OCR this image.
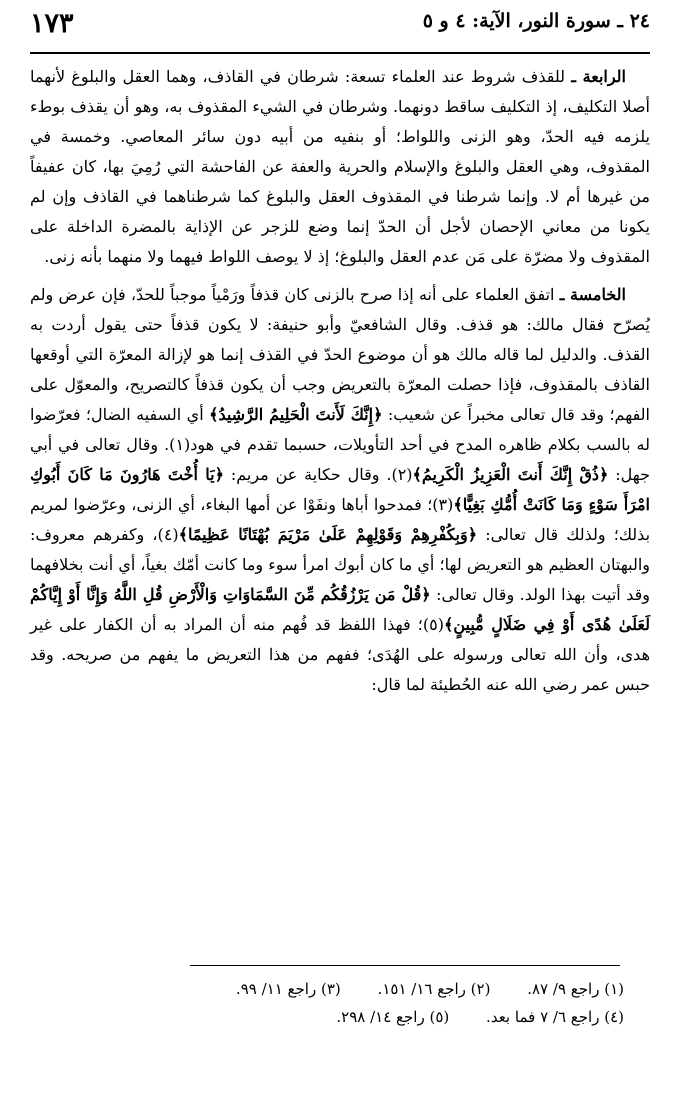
١٧٣	٢٤ ـ سورة النور، الآية: ٤ و ٥

الرابعة ـ للقذف شروط عند العلماء تسعة: شرطان في القاذف، وهما العقل والبلوغ لأنهما أصلا التكليف، إذ التكليف ساقط دونهما. وشرطان في الشيء المقذوف به، وهو أن يقذف بوطء يلزمه فيه الحدّ، وهو الزنى واللواط؛ أو بنفيه من أبيه دون سائر المعاصي. وخمسة في المقذوف، وهي العقل والبلوغ والإسلام والحرية والعفة عن الفاحشة التي رُمِيَ بها، كان عفيفاً من غيرها أم لا. وإنما شرطنا في المقذوف العقل والبلوغ كما شرطناهما في القاذف وإن لم يكونا من معاني الإحصان لأجل أن الحدّ إنما وضع للزجر عن الإذاية بالمضرة الداخلة على المقذوف ولا مضرّة على مَن عدم العقل والبلوغ؛ إذ لا يوصف اللواط فيهما ولا منهما بأنه زنى.

الخامسة ـ اتفق العلماء على أنه إذا صرح بالزنى كان قذفاً ورَمْياً موجباً للحدّ، فإن عرض ولم يُصرّح فقال مالك: هو قذف. وقال الشافعيّ وأبو حنيفة: لا يكون قذفاً حتى يقول أردت به القذف. والدليل لما قاله مالك هو أن موضوع الحدّ في القذف إنما هو لإزالة المعرّة التي أوقعها القاذف بالمقذوف، فإذا حصلت المعرّة بالتعريض وجب أن يكون قذفاً كالتصريح، والمعوّل على الفهم؛ وقد قال تعالى مخبراً عن شعيب: ﴿إِنَّكَ لَأَنتَ الْحَلِيمُ الرَّشِيدُ﴾ أي السفيه الضال؛ فعرّضوا له بالسب بكلام ظاهره المدح في أحد التأويلات، حسبما تقدم في هود(١). وقال تعالى في أبي جهل: ﴿ذُقْ إِنَّكَ أَنتَ الْعَزِيزُ الْكَرِيمُ﴾(٢). وقال حكاية عن مريم: ﴿يَا أُخْتَ هَارُونَ مَا كَانَ أَبُوكِ امْرَأَ سَوْءٍ وَمَا كَانَتْ أُمُّكِ بَغِيًّا﴾(٣)؛ فمدحوا أباها ونفَوْا عن أمها البغاء، أي الزنى، وعرّضوا لمريم بذلك؛ ولذلك قال تعالى: ﴿وَبِكُفْرِهِمْ وَقَوْلِهِمْ عَلَىٰ مَرْيَمَ بُهْتَانًا عَظِيمًا﴾(٤)، وكفرهم معروف: والبهتان العظيم هو التعريض لها؛ أي ما كان أبوك امرأ سوء وما كانت أمّك بغياً، أي أنت بخلافهما وقد أتيت بهذا الولد. وقال تعالى: ﴿قُلْ مَن يَرْزُقُكُم مِّنَ السَّمَاوَاتِ وَالْأَرْضِ قُلِ اللَّهُ وَإِنَّا أَوْ إِيَّاكُمْ لَعَلَىٰ هُدًى أَوْ فِي ضَلَالٍ مُّبِينٍ﴾(٥)؛ فهذا اللفظ قد فُهم منه أن المراد به أن الكفار على غير هدى، وأن الله تعالى ورسوله على الهُدَى؛ ففهم من هذا التعريض ما يفهم من صريحه. وقد حبس عمر رضي الله عنه الحُطيئة لما قال:

(١) راجع ٩/ ٨٧. (٢) راجع ١٦/ ١٥١. (٣) راجع ١١/ ٩٩.
(٤) راجع ٦/ ٧ فما بعد. (٥) راجع ١٤/ ٢٩٨.
